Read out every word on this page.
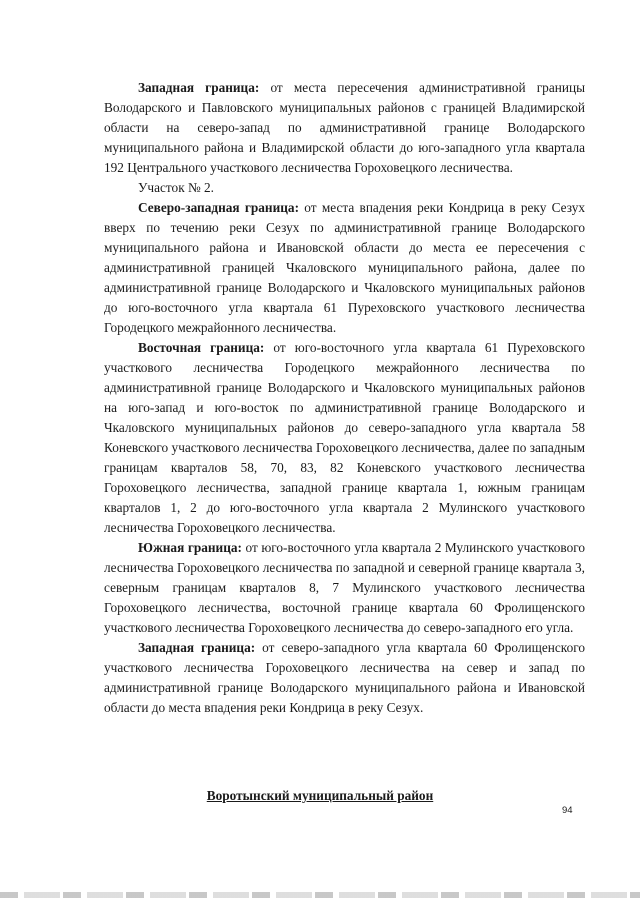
Западная граница: от места пересечения административной границы Володарского и Павловского муниципальных районов с границей Владимирской области на северо-запад по административной границе Володарского муниципального района и Владимирской области до юго-западного угла квартала 192 Центрального участкового лесничества Гороховецкого лесничества.

Участок № 2.

Северо-западная граница: от места впадения реки Кондрица в реку Сезух вверх по течению реки Сезух по административной границе Володарского муниципального района и Ивановской области до места ее пересечения с административной границей Чкаловского муниципального района, далее по административной границе Володарского и Чкаловского муниципальных районов до юго-восточного угла квартала 61 Пуреховского участкового лесничества Городецкого межрайонного лесничества.

Восточная граница: от юго-восточного угла квартала 61 Пуреховского участкового лесничества Городецкого межрайонного лесничества по административной границе Володарского и Чкаловского муниципальных районов на юго-запад и юго-восток по административной границе Володарского и Чкаловского муниципальных районов до северо-западного угла квартала 58 Коневского участкового лесничества Гороховецкого лесничества, далее по западным границам кварталов 58, 70, 83, 82 Коневского участкового лесничества Гороховецкого лесничества, западной границе квартала 1, южным границам кварталов 1, 2 до юго-восточного угла квартала 2 Мулинского участкового лесничества Гороховецкого лесничества.

Южная граница: от юго-восточного угла квартала 2 Мулинского участкового лесничества Гороховецкого лесничества по западной и северной границе квартала 3, северным границам кварталов 8, 7 Мулинского участкового лесничества Гороховецкого лесничества, восточной границе квартала 60 Фролищенского участкового лесничества Гороховецкого лесничества до северо-западного его угла.

Западная граница: от северо-западного угла квартала 60 Фролищенского участкового лесничества Гороховецкого лесничества на север и запад по административной границе Володарского муниципального района и Ивановской области до места впадения реки Кондрица в реку Сезух.

Воротынский муниципальный район
94
